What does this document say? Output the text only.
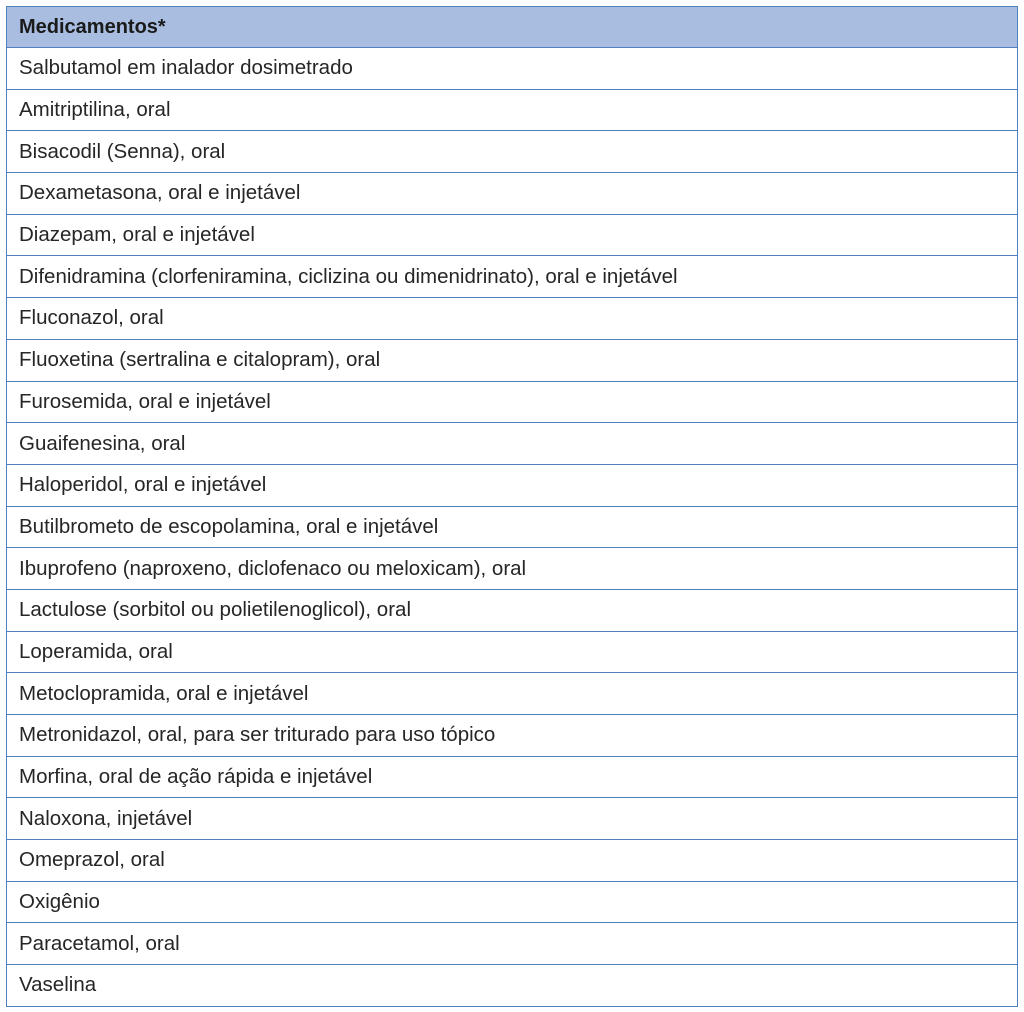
Medicamentos*
Salbutamol em inalador dosimetrado
Amitriptilina, oral
Bisacodil (Senna), oral
Dexametasona, oral e injetável
Diazepam, oral e injetável
Difenidramina (clorfeniramina, ciclizina ou dimenidrinato), oral e injetável
Fluconazol, oral
Fluoxetina (sertralina e citalopram), oral
Furosemida, oral e injetável
Guaifenesina, oral
Haloperidol, oral e injetável
Butilbrometo de escopolamina, oral e injetável
Ibuprofeno (naproxeno, diclofenaco ou meloxicam), oral
Lactulose (sorbitol ou polietilenoglicol), oral
Loperamida, oral
Metoclopramida, oral e injetável
Metronidazol, oral, para ser triturado para uso tópico
Morfina, oral de ação rápida e injetável
Naloxona, injetável
Omeprazol, oral
Oxigênio
Paracetamol, oral
Vaselina
